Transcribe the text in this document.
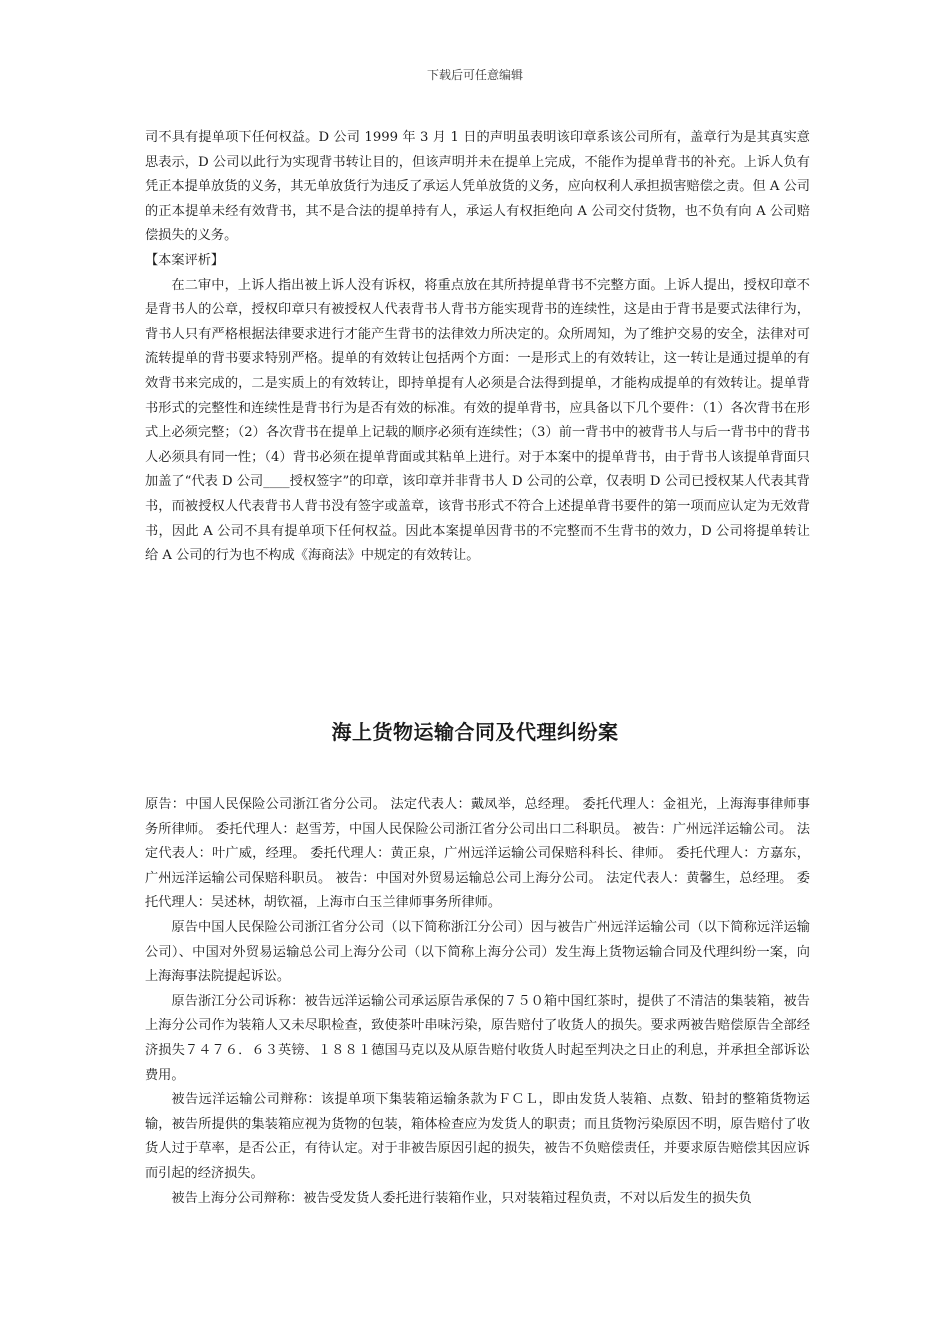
下载后可任意编辑

司不具有提单项下任何权益。D 公司 1999 年 3 月 1 日的声明虽表明该印章系该公司所有，盖章行为是其真实意思表示，D 公司以此行为实现背书转让目的，但该声明并未在提单上完成，不能作为提单背书的补充。上诉人负有凭正本提单放货的义务，其无单放货行为违反了承运人凭单放货的义务，应向权利人承担损害赔偿之责。但 A 公司的正本提单未经有效背书，其不是合法的提单持有人，承运人有权拒绝向 A 公司交付货物，也不负有向 A 公司赔偿损失的义务。

【本案评析】

在二审中，上诉人指出被上诉人没有诉权，将重点放在其所持提单背书不完整方面。上诉人提出，授权印章不是背书人的公章，授权印章只有被授权人代表背书人背书方能实现背书的连续性，这是由于背书是要式法律行为，背书人只有严格根据法律要求进行才能产生背书的法律效力所决定的。众所周知，为了维护交易的安全，法律对可流转提单的背书要求特别严格。提单的有效转让包括两个方面：一是形式上的有效转让，这一转让是通过提单的有效背书来完成的，二是实质上的有效转让，即持单提有人必须是合法得到提单，才能构成提单的有效转让。提单背书形式的完整性和连续性是背书行为是否有效的标准。有效的提单背书，应具备以下几个要件：（1）各次背书在形式上必须完整；（2）各次背书在提单上记载的顺序必须有连续性；（3）前一背书中的被背书人与后一背书中的背书人必须具有同一性；（4）背书必须在提单背面或其粘单上进行。对于本案中的提单背书，由于背书人该提单背面只加盖了“代表 D 公司____授权签字”的印章，该印章并非背书人 D 公司的公章，仅表明 D 公司已授权某人代表其背书，而被授权人代表背书人背书没有签字或盖章，该背书形式不符合上述提单背书要件的第一项而应认定为无效背书，因此 A 公司不具有提单项下任何权益。因此本案提单因背书的不完整而不生背书的效力，D 公司将提单转让给 A 公司的行为也不构成《海商法》中规定的有效转让。

海上货物运输合同及代理纠纷案

原告：中国人民保险公司浙江省分公司。 法定代表人：戴凤举，总经理。 委托代理人：金祖光，上海海事律师事务所律师。 委托代理人：赵雪芳，中国人民保险公司浙江省分公司出口二科职员。 被告：广州远洋运输公司。 法定代表人：叶广威，经理。 委托代理人：黄正泉，广州远洋运输公司保赔科科长、律师。 委托代理人：方嘉东，广州远洋运输公司保赔科职员。 被告：中国对外贸易运输总公司上海分公司。 法定代表人：黄馨生，总经理。 委托代理人：吴述林，胡钦福，上海市白玉兰律师事务所律师。

原告中国人民保险公司浙江省分公司（以下简称浙江分公司）因与被告广州远洋运输公司（以下简称远洋运输公司）、中国对外贸易运输总公司上海分公司（以下简称上海分公司）发生海上货物运输合同及代理纠纷一案，向上海海事法院提起诉讼。

原告浙江分公司诉称：被告远洋运输公司承运原告承保的７５０箱中国红茶时，提供了不清洁的集装箱，被告上海分公司作为装箱人又未尽职检查，致使茶叶串味污染，原告赔付了收货人的损失。要求两被告赔偿原告全部经济损失７４７６．６３英镑、１８８１德国马克以及从原告赔付收货人时起至判决之日止的利息，并承担全部诉讼费用。

被告远洋运输公司辩称：该提单项下集装箱运输条款为ＦＣＬ，即由发货人装箱、点数、铅封的整箱货物运输，被告所提供的集装箱应视为货物的包装，箱体检查应为发货人的职责；而且货物污染原因不明，原告赔付了收货人过于草率，是否公正，有待认定。对于非被告原因引起的损失，被告不负赔偿责任，并要求原告赔偿其因应诉而引起的经济损失。

被告上海分公司辩称：被告受发货人委托进行装箱作业，只对装箱过程负责，不对以后发生的损失负
